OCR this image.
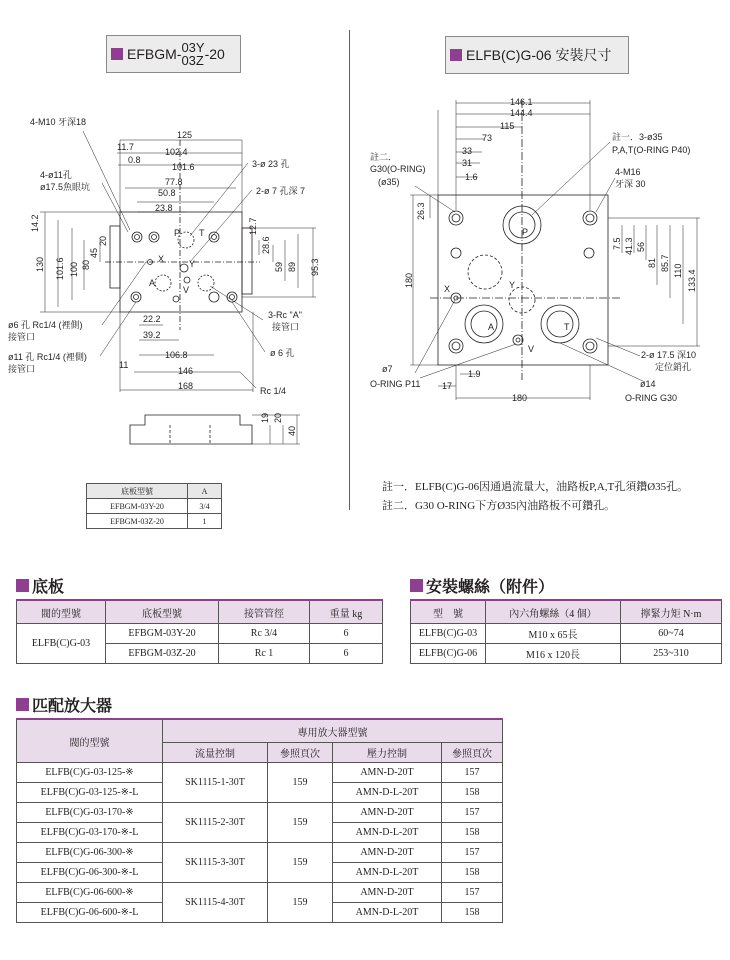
EFBGM- 03Y
03Z -20	ELFB(C)G-06 安裝尺寸
4-M10 牙深18
4-ø11孔
ø17.5魚眼坑
3-ø 23 孔
2-ø 7 孔深 7
3-Rc "A"
接管口
ø6 孔 Rc1/4 (裡側)
接管口
ø11 孔 Rc1/4 (裡側)
接管口
ø 6 孔
Rc 1/4
P T
X	Y
A
V
125
11.7	102.4
0.8
101.6
77.8
50.8
23.8
14.2
20
45
80
100
101.6
130
12.7
28.6
59 89 95.3
22.2
39.2
106.8
11
146
168
19 20
40
註一．3-ø35
P,A,T(O-RING P40)
4-M16
牙深 30
註二．
G30(O-RING)
(ø35)
ø7
O-RING P11
2-ø 17.5 深10
定位銷孔
ø14
O-RING G30
P
A	T
X	Y
V
146.1
144.4
115
73
33
31
1.6
26.3
180
7.5 41.3 56
81 85.7 110 133.4
1.9
17
180
底板型號	A
EFBGM-03Y-20	3/4
EFBGM-03Z-20	1
註一．ELFB(C)G-06因通過流量大，油路板P,A,T孔須鑽Ø35孔。
註二．G30 O-RING下方Ø35內油路板不可鑽孔。
底板
閥的型號	底板型號	接管管徑	重量 kg
ELFB(C)G-03	EFBGM-03Y-20	Rc 3/4	6
	EFBGM-03Z-20	Rc 1	6
安裝螺絲（附件）
型　號	內六角螺絲（4 個）	擰緊力矩 N·m
ELFB(C)G-03	M10 x 65長	60~74
ELFB(C)G-06	M16 x 120長	253~310
匹配放大器
閥的型號	專用放大器型號			
	流量控制	參照頁次	壓力控制	參照頁次
ELFB(C)G-03-125-※	SK1115-1-30T	159	AMN-D-20T	157
ELFB(C)G-03-125-※-L			AMN-D-L-20T	158
ELFB(C)G-03-170-※	SK1115-2-30T	159	AMN-D-20T	157
ELFB(C)G-03-170-※-L			AMN-D-L-20T	158
ELFB(C)G-06-300-※	SK1115-3-30T	159	AMN-D-20T	157
ELFB(C)G-06-300-※-L			AMN-D-L-20T	158
ELFB(C)G-06-600-※	SK1115-4-30T	159	AMN-D-20T	157
ELFB(C)G-06-600-※-L			AMN-D-L-20T	158
